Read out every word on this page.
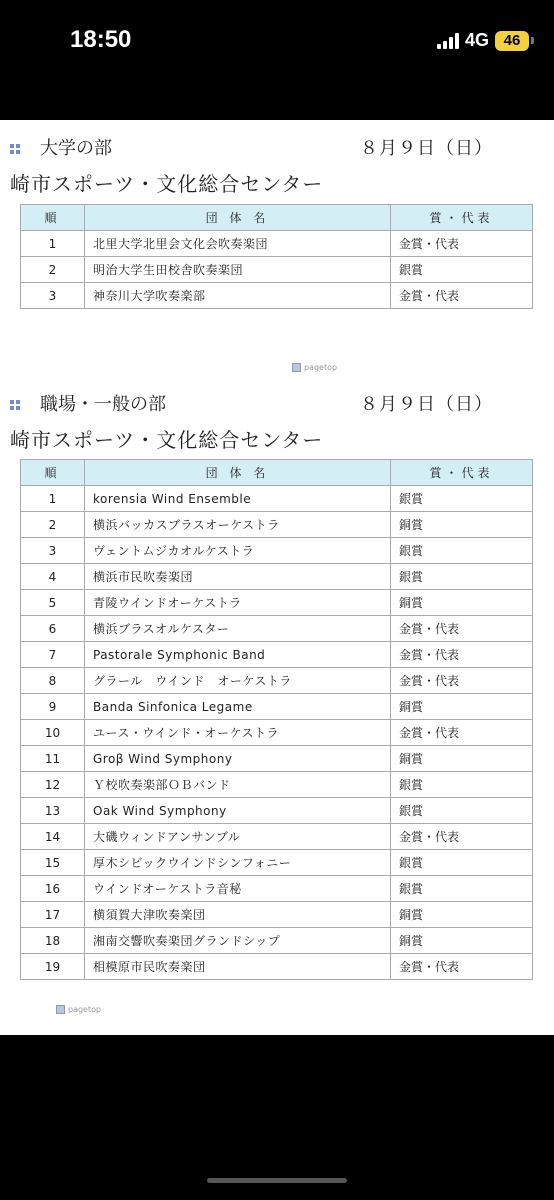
18:50	4G 46
大学の部	８月９日（日）
崎市スポーツ・文化総合センター
順	団 体 名	賞・代表
1	北里大学北里会文化会吹奏楽団	金賞・代表
2	明治大学生田校舎吹奏楽団	銀賞
3	神奈川大学吹奏楽部	金賞・代表
pagetop
職場・一般の部	８月９日（日）
崎市スポーツ・文化総合センター
順	団 体 名	賞・代表
1	korensia Wind Ensemble	銀賞
2	横浜バッカスブラスオーケストラ	銅賞
3	ヴェントムジカオルケストラ	銀賞
4	横浜市民吹奏楽団	銀賞
5	青陵ウインドオーケストラ	銅賞
6	横浜ブラスオルケスター	金賞・代表
7	Pastorale Symphonic Band	金賞・代表
8	グラール　ウインド　オーケストラ	金賞・代表
9	Banda Sinfonica Legame	銅賞
10	ユース・ウインド・オーケストラ	金賞・代表
11	Groβ Wind Symphony	銅賞
12	Ｙ校吹奏楽部ＯＢバンド	銀賞
13	Oak Wind Symphony	銀賞
14	大磯ウィンドアンサンブル	金賞・代表
15	厚木シビックウインドシンフォニー	銀賞
16	ウインドオーケストラ音秘	銀賞
17	横須賀大津吹奏楽団	銅賞
18	湘南交響吹奏楽団グランドシップ	銅賞
19	相模原市民吹奏楽団	金賞・代表
pagetop
